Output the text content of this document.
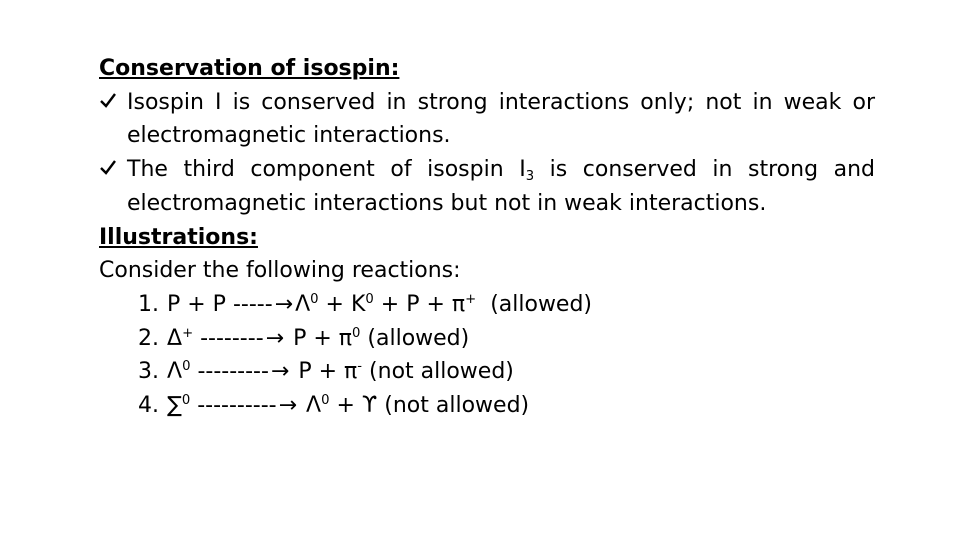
Conservation of isospin:
Isospin I is conserved in strong interactions only; not in weak or electromagnetic interactions.
The third component of isospin $I_3$ is conserved in strong and electromagnetic interactions but not in weak interactions.
Illustrations:
Consider the following reactions:
1. P + P $-----\to\Lambda^0 + K^0 + P + \pi^+$  (allowed)
2. Δ+ --------→ $P + \pi^0$ (allowed)
3. $\Lambda^0$ ---------→ P + π- (not allowed)
4. ∑$^0$ ----------→ $\Lambda^0 + ϒ$ (not allowed)
